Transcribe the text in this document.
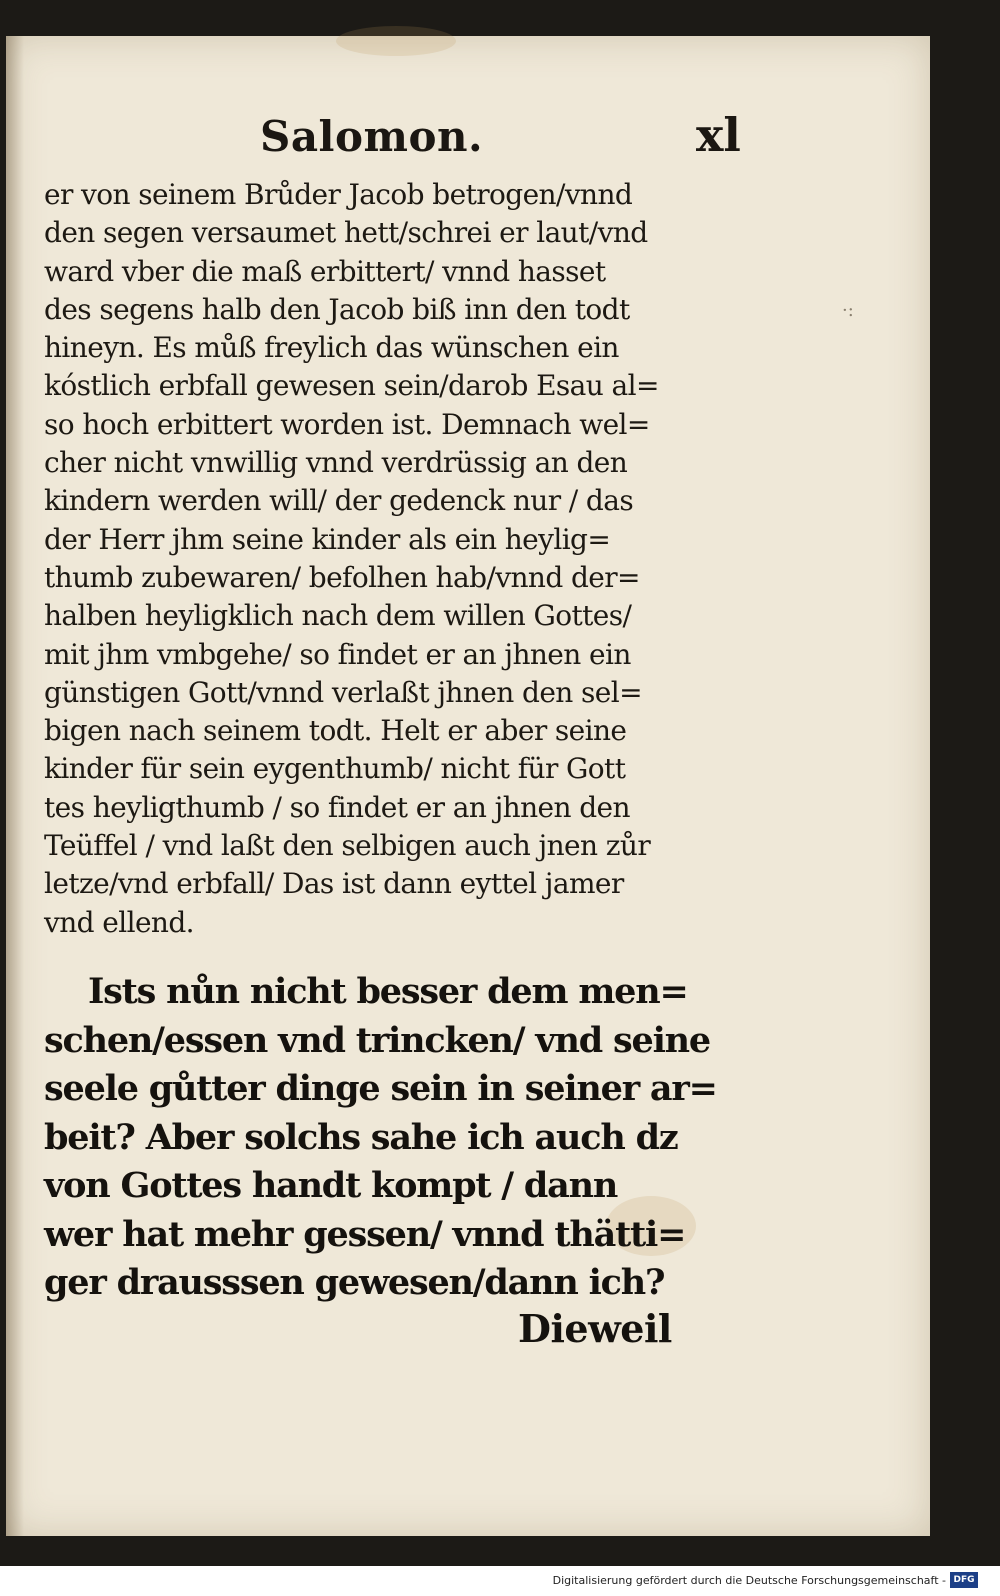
Salomon.	xl
·:
er von seinem Brůder Jacob betrogen/vnnd
den segen versaumet hett/schrei er laut/vnd
ward vber die maß erbittert/ vnnd hasset
des segens halb den Jacob biß inn den todt
hineyn. Es můß freylich das wünschen ein
kóstlich erbfall gewesen sein/darob Esau al=
so hoch erbittert worden ist. Demnach wel=
cher nicht vnwillig vnnd verdrüssig an den
kindern werden will/ der gedenck nur / das
der Herr jhm seine kinder als ein heylig=
thumb zubewaren/ befolhen hab/vnnd der=
halben heyligklich nach dem willen Gottes/
mit jhm vmbgehe/ so findet er an jhnen ein
günstigen Gott/vnnd verlaßt jhnen den sel=
bigen nach seinem todt. Helt er aber seine
kinder für sein eygenthumb/ nicht für Gott
tes heyligthumb / so findet er an jhnen den
Teüffel / vnd laßt den selbigen auch jnen zůr
letze/vnd erbfall/ Das ist dann eyttel jamer
vnd ellend.
Ists nůn nicht besser dem men=
schen/essen vnd trincken/ vnd seine
seele gůtter dinge sein in seiner ar=
beit? Aber solchs sahe ich auch dz
von Gottes handt kompt / dann
wer hat mehr gessen/ vnnd thätti=
ger drausssen gewesen/dann ich?
Dieweil
Digitalisierung gefördert durch die Deutsche Forschungsgemeinschaft - DFG
